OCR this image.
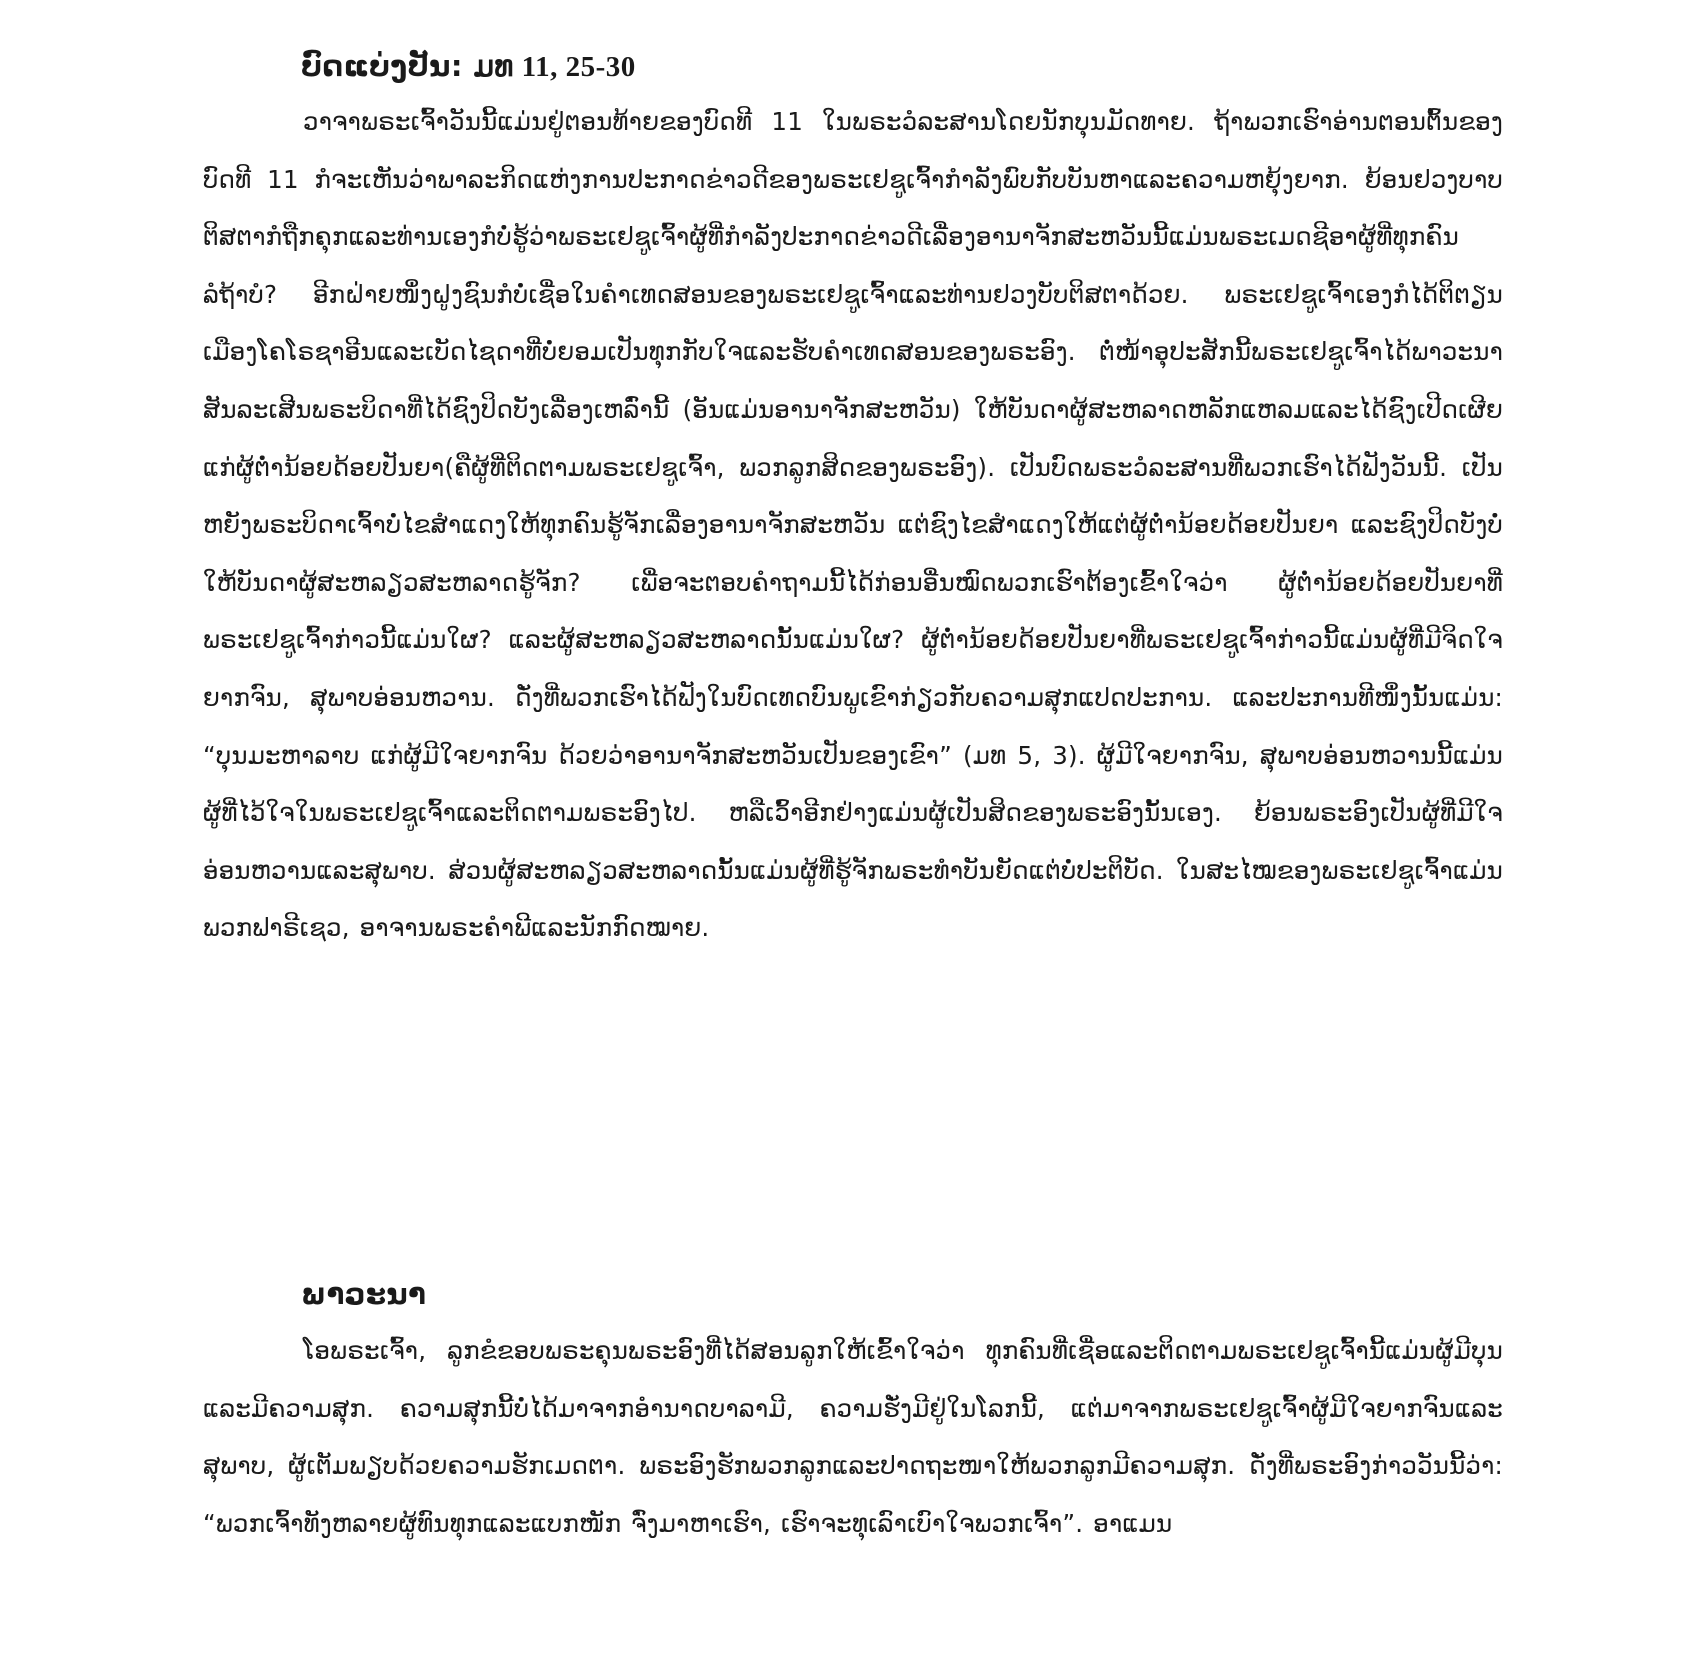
ບົດແບ່ງປັນ: ມທ 11, 25-30

ວາຈາພຣະເຈົ້າວັນນີ້ແມ່ນຢູ່ຕອນທ້າຍຂອງບົດທີ 11 ໃນພຣະວໍລະສານໂດຍນັກບຸນມັດທາຍ. ຖ້າພວກເຮົາອ່ານຕອນຕົ້ນຂອງບົດທີ 11 ກໍຈະເຫັນວ່າພາລະກິດແຫ່ງການປະກາດຂ່າວດີຂອງພຣະເຢຊູເຈົ້າກໍາລັງພົບກັບບັນຫາແລະຄວາມຫຍຸ້ງຍາກ. ຍ້ອນຢວງບາບຕິສຕາກໍຖືກຄຸກແລະທ່ານເອງກໍບໍ່ຮູ້ວ່າພຣະເຢຊູເຈົ້າຜູ້ທີ່ກໍາລັງປະກາດຂ່າວດີເລື່ອງອານາຈັກສະຫວັນນີ້ແມ່ນພຣະເມດຊີອາຜູ້ທີ່ທຸກຄົນລໍຖ້າບໍ? ອີກຝ່າຍໜຶ່ງຝູງຊົນກໍບໍ່ເຊື່ອໃນຄໍາເທດສອນຂອງພຣະເຢຊູເຈົ້າແລະທ່ານຢວງບັບຕິສຕາດ້ວຍ. ພຣະເຢຊູເຈົ້າເອງກໍໄດ້ຕິຕຽນເມືອງໂຄໂຣຊາອີນແລະເບັດໄຊດາທີ່ບໍ່ຍອມເປັນທຸກກັບໃຈແລະຮັບຄໍາເທດສອນຂອງພຣະອົງ. ຕໍ່ໜ້າອຸປະສັກນີ້ພຣະເຢຊູເຈົ້າໄດ້ພາວະນາສັນລະເສີນພຣະບິດາທີ່ໄດ້ຊົງປິດບັງເລື່ອງເຫລົ່ານີ້ (ອັນແມ່ນອານາຈັກສະຫວັນ) ໃຫ້ບັນດາຜູ້ສະຫລາດຫລັກແຫລມແລະໄດ້ຊົງເປີດເຜີຍແກ່ຜູ້ຕໍ່າ​ນ້ອຍດ້ອຍປັນຍາ(ຄືຜູ້ທີ່ຕິດຕາມພຣະເຢຊູເຈົ້າ, ພວກລູກສິດຂອງພຣະອົງ). ເປັນບົດພຣະວໍລະສານທີ່ພວກເຮົາໄດ້ຟັງວັນນີ້. ເປັນຫຍັງພຣະບິດາເຈົ້າບໍ່ໄຂສໍາແດງໃຫ້ທຸກຄົນຮູ້ຈັກເລື່ອງອານາຈັກສະຫວັນ ແຕ່ຊົງໄຂສໍາແດງໃຫ້ແຕ່ຜູ້ຕໍ່ານ້ອຍດ້ອຍປັນຍາ ແລະຊົງປິດບັງບໍ່ໃຫ້ບັນດາຜູ້ສະຫລຽວສະຫລາດຮູ້ຈັກ? ເພື່ອຈະຕອບຄໍາຖາມນີ້ໄດ້ກ່ອນອື່ນໝົດພວກເຮົາຕ້ອງເຂົ້າໃຈວ່າ ຜູ້ຕໍ່ານ້ອຍດ້ອຍປັນຍາທີ່ພຣະເຢຊູເຈົ້າກ່າວນີ້ແມ່ນໃຜ? ແລະຜູ້ສະຫລຽວສະຫລາດນັ້ນແມ່ນໃຜ? ຜູ້ຕໍ່ານ້ອຍດ້ອຍປັນຍາທີ່ພຣະເຢຊູເຈົ້າກ່າວນີ້ແມ່ນຜູ້ທີ່ມີຈິດໃຈຍາກຈົນ, ສຸພາບອ່ອນຫວານ. ດັ່ງທີ່ພວກເຮົາໄດ້ຟັງໃນບົດເທດບົນພູເຂົາກ່ຽວກັບຄວາມສຸກແປດປະການ. ແລະປະການທີໜຶ່ງນັ້ນແມ່ນ: “ບຸນມະຫາລາບ ແກ່ຜູ້ມີໃຈຍາກຈົນ ດ້ວຍວ່າອານາຈັກສະຫວັນເປັນຂອງເຂົາ” (ມທ 5, 3). ຜູ້ມີໃຈຍາກຈົນ, ສຸພາບອ່ອນຫວານນີ້ແມ່ນຜູ້ທີ່ໄວ້ໃຈໃນພຣະເຢຊູເຈົ້າແລະຕິດຕາມພຣະອົງໄປ. ຫລືເວົ້າອີກຢ່າງແມ່ນຜູ້ເປັນສິດຂອງພຣະອົງນັ້ນເອງ. ຍ້ອນພຣະອົງເປັນຜູ້ທີ່ມີໃຈອ່ອນຫວານແລະສຸພາບ. ສ່ວນຜູ້ສະຫລຽວສະຫລາດນັ້ນແມ່ນຜູ້ທີ່ຮູ້ຈັກພຣະທໍາບັນຍັດແຕ່ບໍ່ປະຕິບັດ. ໃນສະໄໝຂອງພຣະເຢຊູເຈົ້າແມ່ນພວກຟາຣີເຊວ, ອາຈານພຣະຄໍາພີແລະນັກກົດໝາຍ.

ພາວະນາ

ໂອພຣະເຈົ້າ, ລູກຂໍຂອບພຣະຄຸນພຣະອົງທີ່ໄດ້ສອນລູກໃຫ້ເຂົ້າໃຈວ່າ ທຸກຄົນທີ່ເຊື່ອແລະຕິດຕາມພຣະເຢຊູເຈົ້ານີ້ແມ່ນຜູ້ມີບຸນແລະມີຄວາມສຸກ. ຄວາມສຸກນີ້ບໍ່ໄດ້ມາຈາກອໍານາດບາລາມີ, ຄວາມຮັ່ງມີຢູ່ໃນໂລກນີ້, ແຕ່ມາຈາກພຣະເຢຊູເຈົ້າຜູ້ມີໃຈຍາກຈົນແລະສຸພາບ, ຜູ້ເຕັມພຽບດ້ວຍຄວາມຮັກເມດຕາ. ພຣະອົງຮັກພວກລູກແລະປາດຖະໜາໃຫ້ພວກລູກມີຄວາມສຸກ. ດັ່ງທີ່ພຣະອົງກ່າວວັນນີ້ວ່າ: “ພວກເຈົ້າທັງຫລາຍຜູ້ທົນທຸກແລະແບກໜັກ ຈົ່ງມາຫາເຮົາ, ເຮົາຈະທຸເລົາເບົາໃຈພວກເຈົ້າ”. ອາແມນ
